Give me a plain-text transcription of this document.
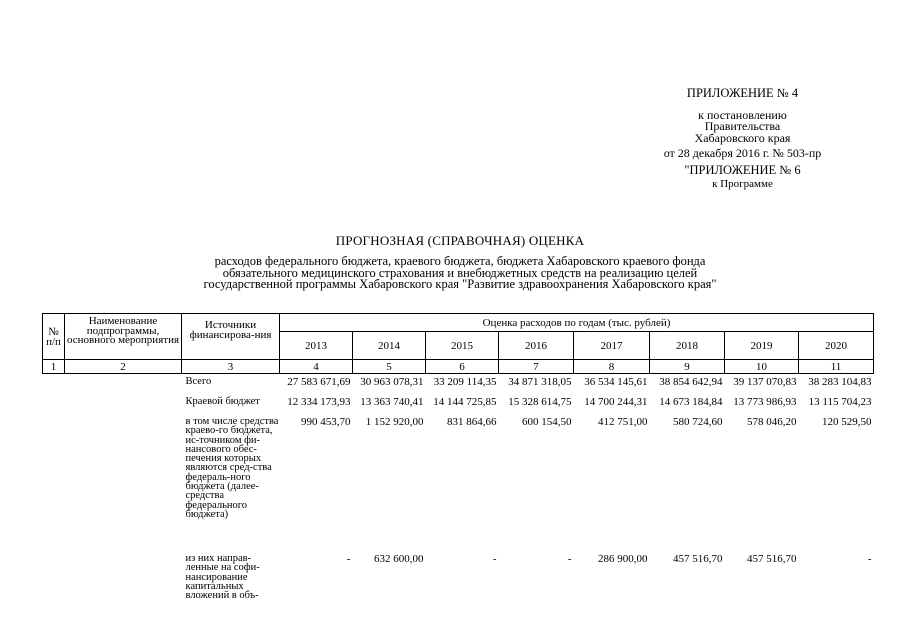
ПРИЛОЖЕНИЕ № 4
к постановлению
Правительства
Хабаровского края
от 28 декабря 2016 г. № 503-пр
"ПРИЛОЖЕНИЕ № 6
к Программе
ПРОГНОЗНАЯ (СПРАВОЧНАЯ) ОЦЕНКА
расходов федерального бюджета, краевого бюджета, бюджета Хабаровского краевого фонда
обязательного медицинского страхования и внебюджетных средств на реализацию целей
государственной программы Хабаровского края "Развитие здравоохранения Хабаровского края"
№ п/п	Наименование подпрограммы, основного мероприятия	Источники финансирова-ния	Оценка расходов по годам (тыс. рублей)							
			2013	2014	2015	2016	2017	2018	2019	2020
1	2	3	4	5	6	7	8	9	10	11
		Всего	27 583 671,69	30 963 078,31	33 209 114,35	34 871 318,05	36 534 145,61	38 854 642,94	39 137 070,83	38 283 104,83
		Краевой бюджет	12 334 173,93	13 363 740,41	14 144 725,85	15 328 614,75	14 700 244,31	14 673 184,84	13 773 986,93	13 115 704,23
		в том числе средства краево-го бюджета, ис-точником фи-нансового обес-печения которых являются сред-ства федераль-ного бюджета (далее-средства федерального бюджета)	990 453,70	1 152 920,00	831 864,66	600 154,50	412 751,00	580 724,60	578 046,20	120 529,50
		из них направ-ленные на софи-нансирование капитальных вложений в объ-	-	632 600,00	-	-	286 900,00	457 516,70	457 516,70	-
